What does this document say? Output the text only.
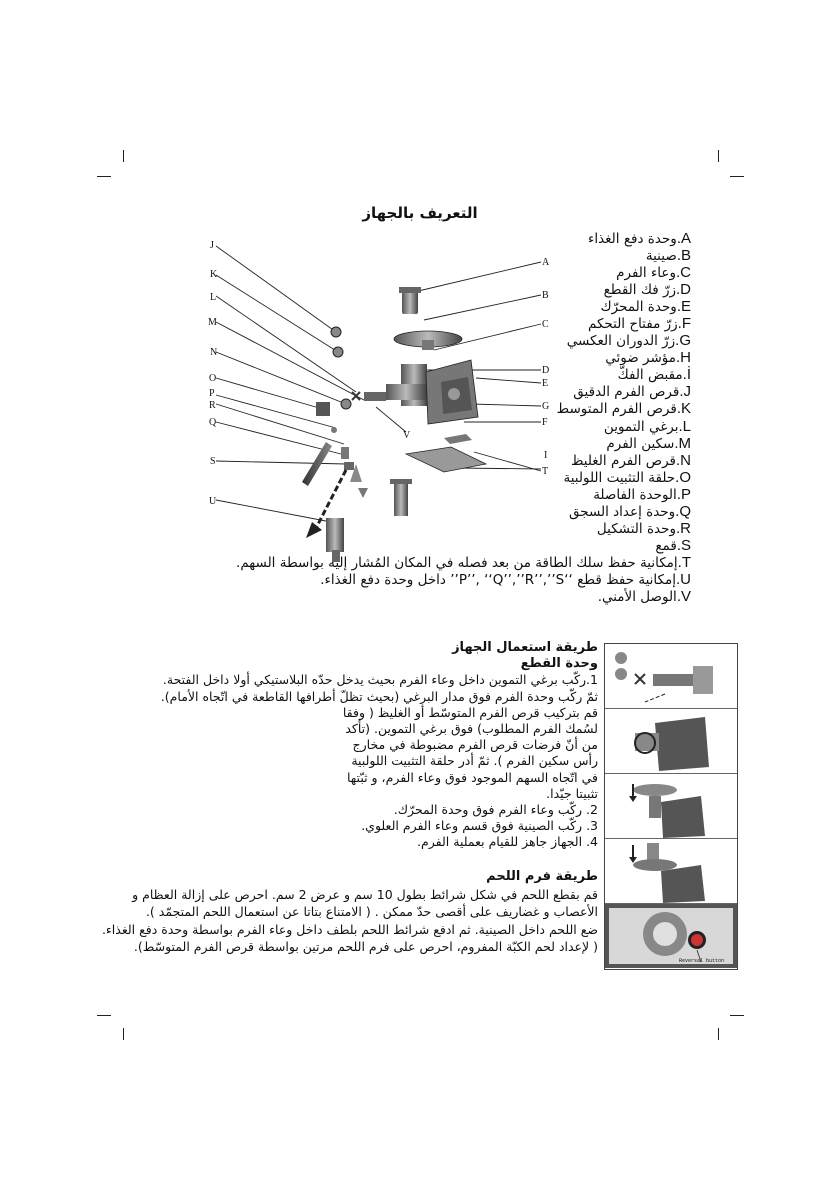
التعريف بالجهاز
J
K
L
M
N
O
P
R
Q
S
U
A
B
C
D
E
G
F
T
I
V
A.وحدة دفع الغذاء
B.صينية
C.وعاء الفرم
D.زرّ فك القطع
E.وحدة المحرّك
F.زرّ مفتاح التحكم
G.زرّ الدوران العكسي
H.مؤشر ضوئي
İ.مقبض الفكّ
J.قرص الفرم الدقيق
K.قرص الفرم المتوسط
L.برغي التموين
M.سكين الفرم
N.قرص الفرم الغليظ
O.حلقة التثبيت اللولبية
P.الوحدة الفاصلة
Q.وحدة إعداد السجق
R.وحدة التشكيل
S.قمع
T.إمكانية حفظ سلك الطاقة من بعد فصله في المكان المُشار إليه بواسطة السهم.
U.إمكانية حفظ قطع ‘‘P’’, ‘‘Q’’,’’R’’,’’S’’ داخل وحدة دفع الغذاء.
V.الوصل الأمني.

طريقة استعمال الجهاز

وحدة القطع

1.ركّب برغي التموين داخل وعاء الفرم بحيث يدخل حدّه البلاستيكي أولا داخل الفتحة.

ثمّ ركّب وحدة الفرم فوق مدار البرغي (بحيث تظلّ أطرافها القاطعة في اتّجاه الأمام).

قم بتركيب قرص الفرم المتوسّط أو الغليظ ( وفقا

لسُمك الفرم المطلوب) فوق برغي التموين. (تأكد

من أنّ فرضات قرص الفرم مضبوطة في مخارج

رأس سكين الفرم ). ثمّ أدر حلقة التثبيت اللولبية

في اتّجاه السهم الموجود فوق وعاء الفرم، و ثبّتها

تثبيتا جيّدا.

2. ركّب وعاء الفرم فوق وحدة المحرّك.

3. ركّب الصينية فوق قسم وعاء الفرم العلوي.

4. الجهاز جاهز للقيام بعملية الفرم.

طريقة فرم اللحم

قم بقطع اللحم في شكل شرائط بطول 10 سم و عرض 2 سم. احرص على إزالة العظام و

الأعصاب و غضاريف على أقصى حدّ ممكن . ( الامتناع بتاتا عن استعمال اللحم المتجمّد ).

ضع اللحم داخل الصينية. ثم ادفع شرائط اللحم بلطف داخل وعاء الفرم بواسطة وحدة دفع الغذاء.

( لإعداد لحم الكبّة المفروم، احرص على فرم اللحم مرتين بواسطة قرص الفرم المتوسّط).

Reversal button
